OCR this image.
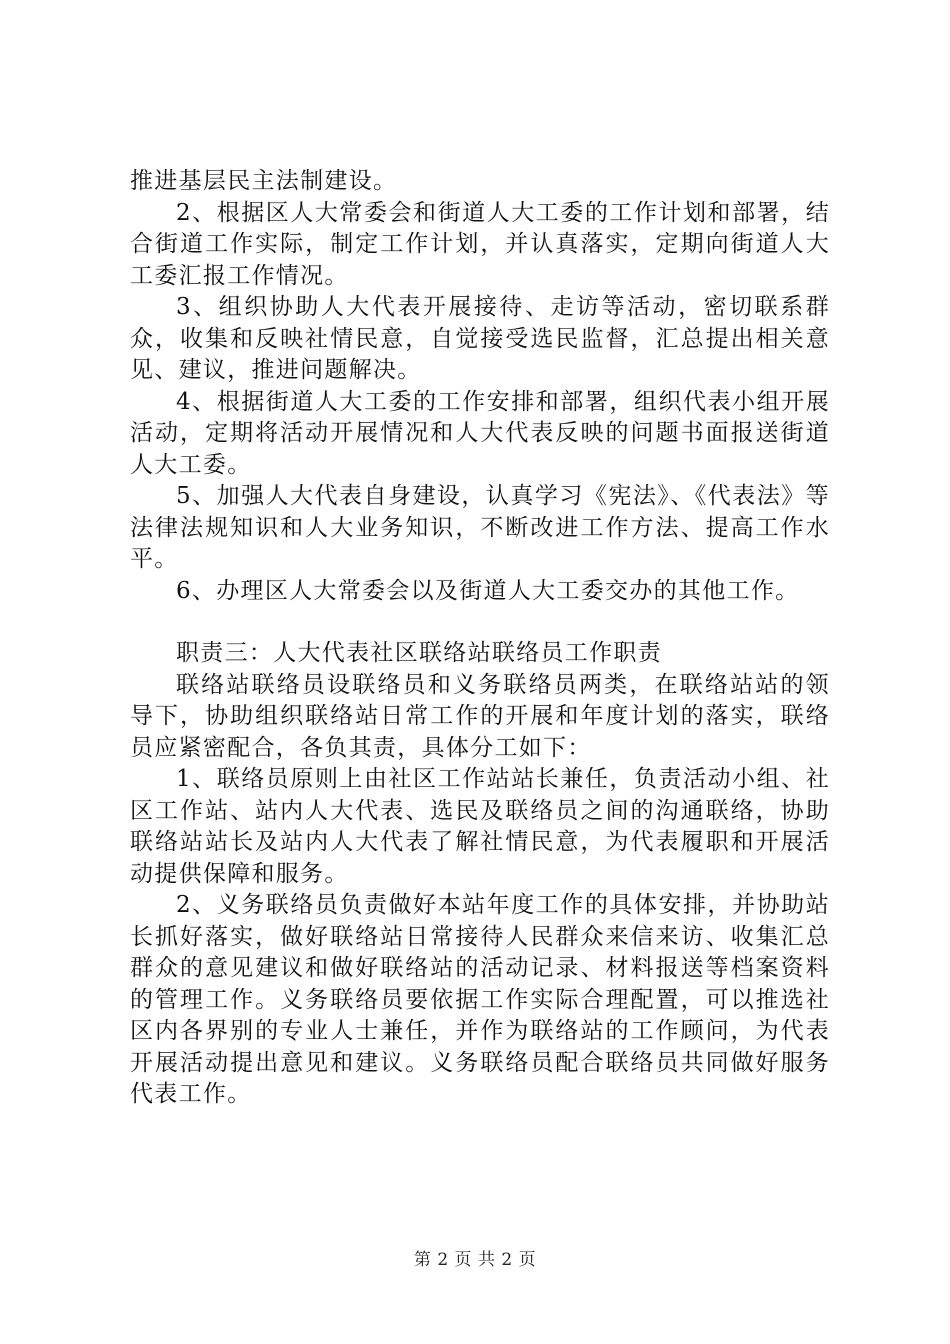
推进基层民主法制建设。

2、根据区人大常委会和街道人大工委的工作计划和部署，结合街道工作实际，制定工作计划，并认真落实，定期向街道人大工委汇报工作情况。

3、组织协助人大代表开展接待、走访等活动，密切联系群众，收集和反映社情民意，自觉接受选民监督，汇总提出相关意见、建议，推进问题解决。

4、根据街道人大工委的工作安排和部署，组织代表小组开展活动，定期将活动开展情况和人大代表反映的问题书面报送街道人大工委。

5、加强人大代表自身建设，认真学习《宪法》、《代表法》等法律法规知识和人大业务知识，不断改进工作方法、提高工作水平。

6、办理区人大常委会以及街道人大工委交办的其他工作。

职责三：人大代表社区联络站联络员工作职责

联络站联络员设联络员和义务联络员两类，在联络站站的领导下，协助组织联络站日常工作的开展和年度计划的落实，联络员应紧密配合，各负其责，具体分工如下：

1、联络员原则上由社区工作站站长兼任，负责活动小组、社区工作站、站内人大代表、选民及联络员之间的沟通联络，协助联络站站长及站内人大代表了解社情民意，为代表履职和开展活动提供保障和服务。

2、义务联络员负责做好本站年度工作的具体安排，并协助站长抓好落实，做好联络站日常接待人民群众来信来访、收集汇总群众的意见建议和做好联络站的活动记录、材料报送等档案资料的管理工作。义务联络员要依据工作实际合理配置，可以推选社区内各界别的专业人士兼任，并作为联络站的工作顾问，为代表开展活动提出意见和建议。义务联络员配合联络员共同做好服务代表工作。

第 2 页 共 2 页
